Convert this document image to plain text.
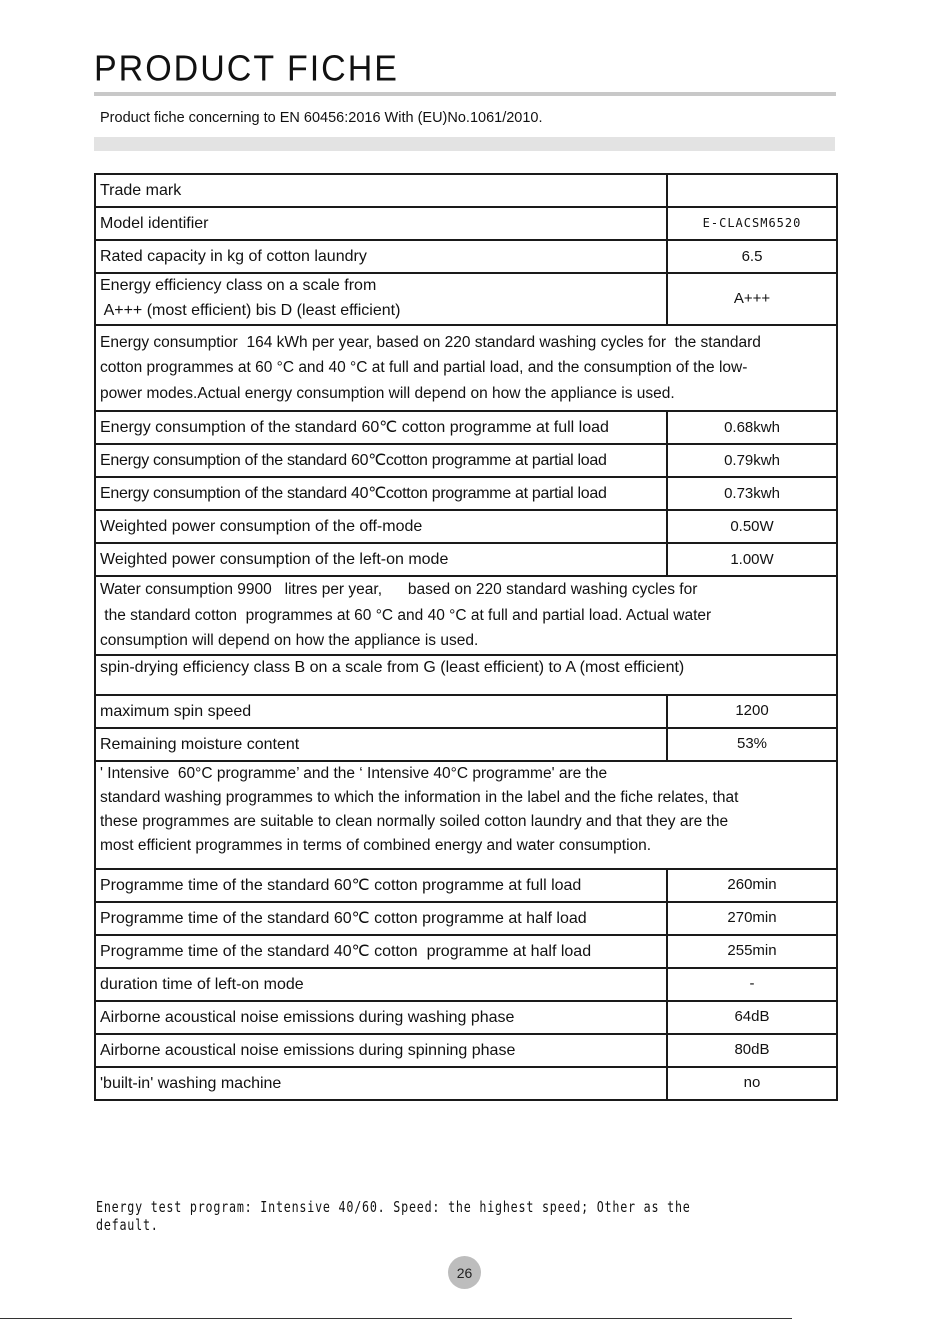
PRODUCT FICHE
Product fiche concerning to EN 60456:2016 With (EU)No.1061/2010.
Trade mark	
Model identifier	E-CLACSM6520
Rated capacity in kg of cotton laundry	6.5

Energy efficiency class on a scale from
A+++ (most efficient) bis D (least efficient)	A+++

Energy consumptior  164 kWh per year, based on 220 standard washing cycles for  the standard
cotton programmes at 60 °C and 40 °C at full and partial load, and the consumption of the low-
power modes.Actual energy consumption will depend on how the appliance is used.	

Energy consumption of the standard 60℃ cotton programme at full load	0.68kwh
Energy consumption of the standard 60℃cotton programme at partial load	0.79kwh
Energy consumption of the standard 40℃cotton programme at partial load	0.73kwh
Weighted power consumption of the off-mode	0.50W
Weighted power consumption of the left-on mode	1.00W

Water consumption 9900   litres per year,      based on 220 standard washing cycles for
the standard cotton  programmes at 60 °C and 40 °C at full and partial load. Actual water
consumption will depend on how the appliance is used.	

spin-drying efficiency class B on a scale from G (least efficient) to A (most efficient)	

maximum spin speed	1200
Remaining moisture content	53%

' Intensive  60°C programme’ and the ‘ Intensive 40°C programme' are the
standard washing programmes to which the information in the label and the fiche relates, that
these programmes are suitable to clean normally soiled cotton laundry and that they are the
most efficient programmes in terms of combined energy and water consumption.	

Programme time of the standard 60℃ cotton programme at full load	260min
Programme time of the standard 60℃ cotton programme at half load	270min
Programme time of the standard 40℃ cotton  programme at half load	255min
duration time of left-on mode	-
Airborne acoustical noise emissions during washing phase	64dB
Airborne acoustical noise emissions during spinning phase	80dB
'built-in' washing machine	no
Energy test program: Intensive 40/60. Speed: the highest speed; Other as the default.
26
